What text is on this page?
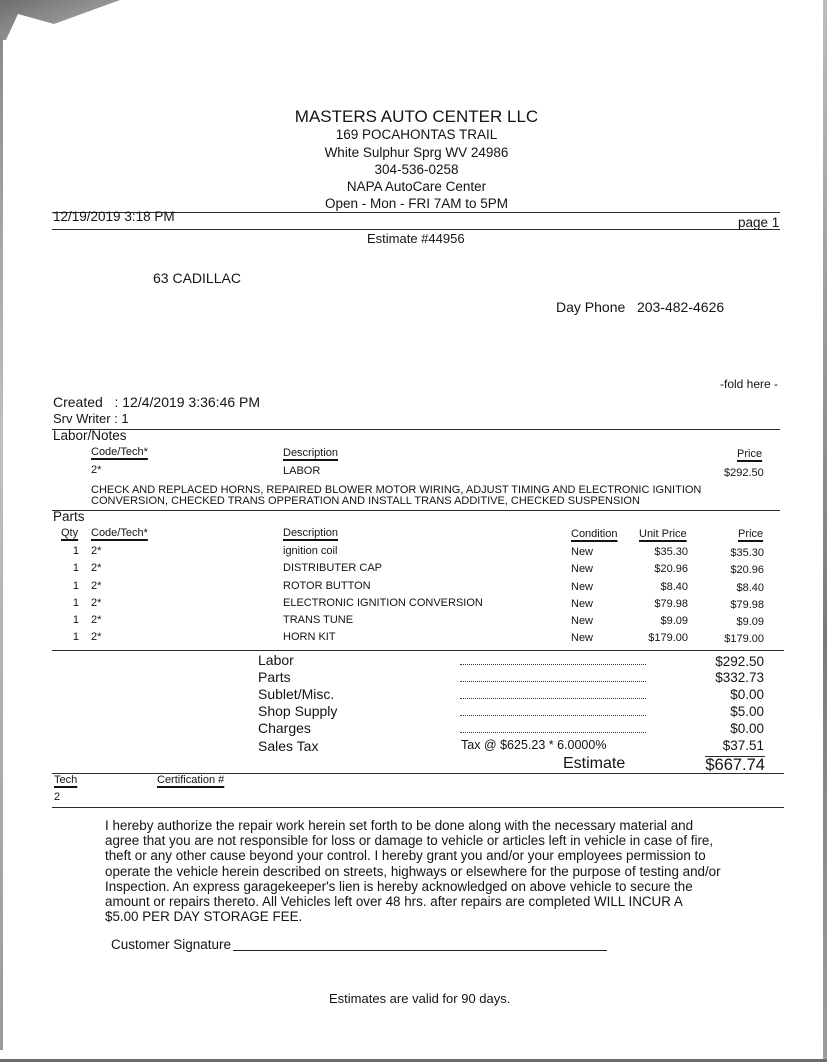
MASTERS AUTO CENTER LLC
169 POCAHONTAS TRAIL
White Sulphur Sprg WV 24986
304-536-0258
NAPA AutoCare Center
Open - Mon - FRI 7AM to 5PM
12/19/2019 3:18 PM	page 1
Estimate #44956
63 CADILLAC
Day Phone 203-482-4626
-fold here -
Created : 12/4/2019 3:36:46 PM
Srv Writer : 1
Labor/Notes
Code/Tech*	Description	Price
2*	LABOR	$292.50
CHECK AND REPLACED HORNS, REPAIRED BLOWER MOTOR WIRING, ADJUST TIMING AND ELECTRONIC IGNITION
CONVERSION, CHECKED TRANS OPPERATION AND INSTALL TRANS ADDITIVE, CHECKED SUSPENSION
Parts
Qty Code/Tech*	Description	Condition Unit Price	Price
1 2*	ignition coil	New	$35.30	$35.30
1 2*	DISTRIBUTER CAP	New	$20.96	$20.96
1 2*	ROTOR BUTTON	New	$8.40	$8.40
1 2*	ELECTRONIC IGNITION CONVERSION	New	$79.98	$79.98
1 2*	TRANS TUNE	New	$9.09	$9.09
1 2*	HORN KIT	New	$179.00	$179.00
Labor	$292.50
Parts	$332.73
Sublet/Misc.	$0.00
Shop Supply	$5.00
Charges	$0.00
Sales Tax	Tax @ $625.23 * 6.0000%	$37.51
Estimate	$667.74
Tech	Certification #
2
I hereby authorize the repair work herein set forth to be done along with the necessary material and
agree that you are not responsible for loss or damage to vehicle or articles left in vehicle in case of fire,
theft or any other cause beyond your control. I hereby grant you and/or your employees permission to
operate the vehicle herein described on streets, highways or elsewhere for the purpose of testing and/or
Inspection. An express garagekeeper's lien is hereby acknowledged on above vehicle to secure the
amount or repairs thereto. All Vehicles left over 48 hrs. after repairs are completed WILL INCUR A
$5.00 PER DAY STORAGE FEE.
Customer Signature
Estimates are valid for 90 days.
